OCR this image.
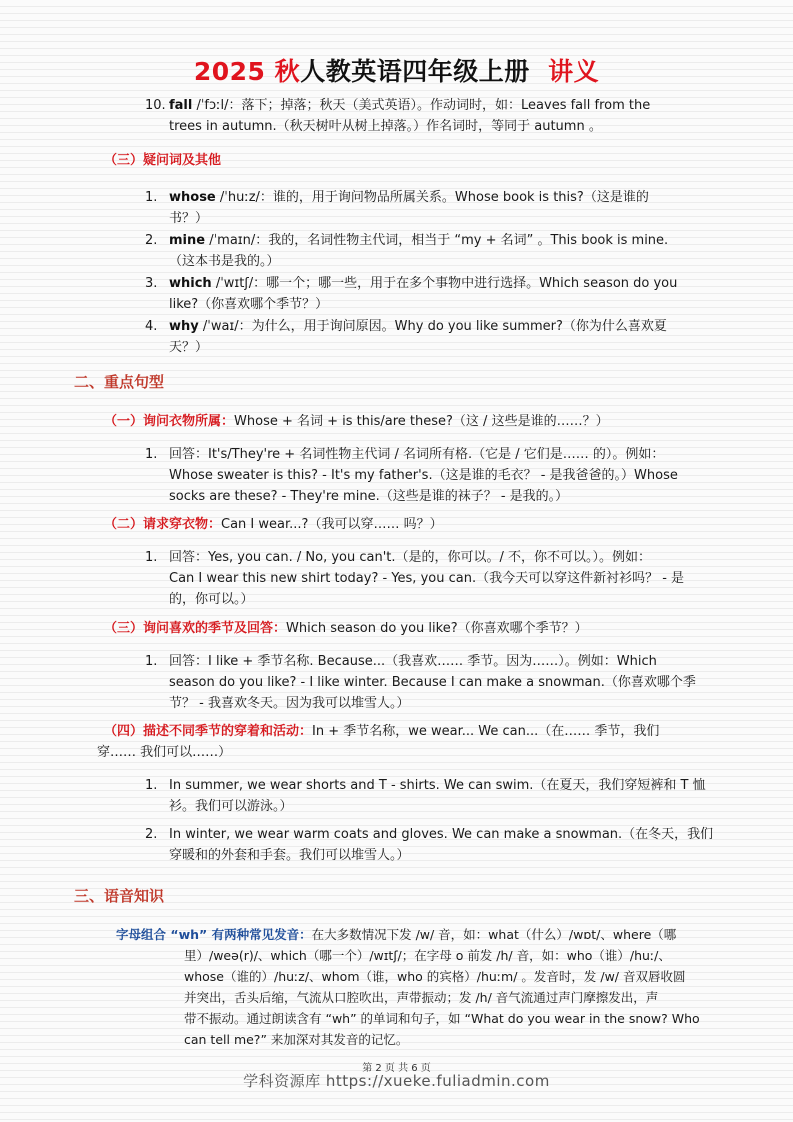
2025 秋人教英语四年级上册 讲义
10. fall /ˈfɔːl/：落下；掉落；秋天（美式英语）。作动词时，如：Leaves fall from the
trees in autumn.（秋天树叶从树上掉落。）作名词时，等同于 autumn 。
（三）疑问词及其他
1. whose /ˈhuːz/：谁的，用于询问物品所属关系。Whose book is this?（这是谁的
书？）
2. mine /ˈmaɪn/：我的，名词性物主代词，相当于 “my + 名词” 。This book is mine.
（这本书是我的。）
3. which /ˈwɪtʃ/：哪一个；哪一些，用于在多个事物中进行选择。Which season do you
like?（你喜欢哪个季节？）
4. why /ˈwaɪ/：为什么，用于询问原因。Why do you like summer?（你为什么喜欢夏
天？）
二、重点句型
（一）询问衣物所属：Whose + 名词 + is this/are these?（这 / 这些是谁的……？）
1. 回答：It's/They're + 名词性物主代词 / 名词所有格.（它是 / 它们是…… 的）。例如：
Whose sweater is this? - It's my father's.（这是谁的毛衣？ - 是我爸爸的。）Whose
socks are these? - They're mine.（这些是谁的袜子？ - 是我的。）
（二）请求穿衣物：Can I wear...?（我可以穿…… 吗？）
1. 回答：Yes, you can. / No, you can't.（是的，你可以。/ 不，你不可以。）。例如：
Can I wear this new shirt today? - Yes, you can.（我今天可以穿这件新衬衫吗？ - 是
的，你可以。）
（三）询问喜欢的季节及回答：Which season do you like?（你喜欢哪个季节？）
1. 回答：I like + 季节名称. Because...（我喜欢…… 季节。因为……）。例如：Which
season do you like? - I like winter. Because I can make a snowman.（你喜欢哪个季
节？ - 我喜欢冬天。因为我可以堆雪人。）
（四）描述不同季节的穿着和活动：In + 季节名称，we wear... We can...（在…… 季节，我们
穿…… 我们可以……）
1. In summer, we wear shorts and T - shirts. We can swim.（在夏天，我们穿短裤和 T 恤
衫。我们可以游泳。）
2. In winter, we wear warm coats and gloves. We can make a snowman.（在冬天，我们
穿暖和的外套和手套。我们可以堆雪人。）
三、语音知识
字母组合 “wh” 有两种常见发音：在大多数情况下发 /w/ 音，如：what（什么）/wɒt/、where（哪
里）/weə(r)/、which（哪一个）/wɪtʃ/；在字母 o 前发 /h/ 音，如：who（谁）/huː/、
whose（谁的）/huːz/、whom（谁，who 的宾格）/huːm/ 。发音时，发 /w/ 音双唇收圆
并突出，舌头后缩，气流从口腔吹出，声带振动；发 /h/ 音气流通过声门摩擦发出，声
带不振动。通过朗读含有 “wh” 的单词和句子，如 “What do you wear in the snow? Who
can tell me?” 来加深对其发音的记忆。
第 2 页 共 6 页
学科资源库 https://xueke.fuliadmin.com
